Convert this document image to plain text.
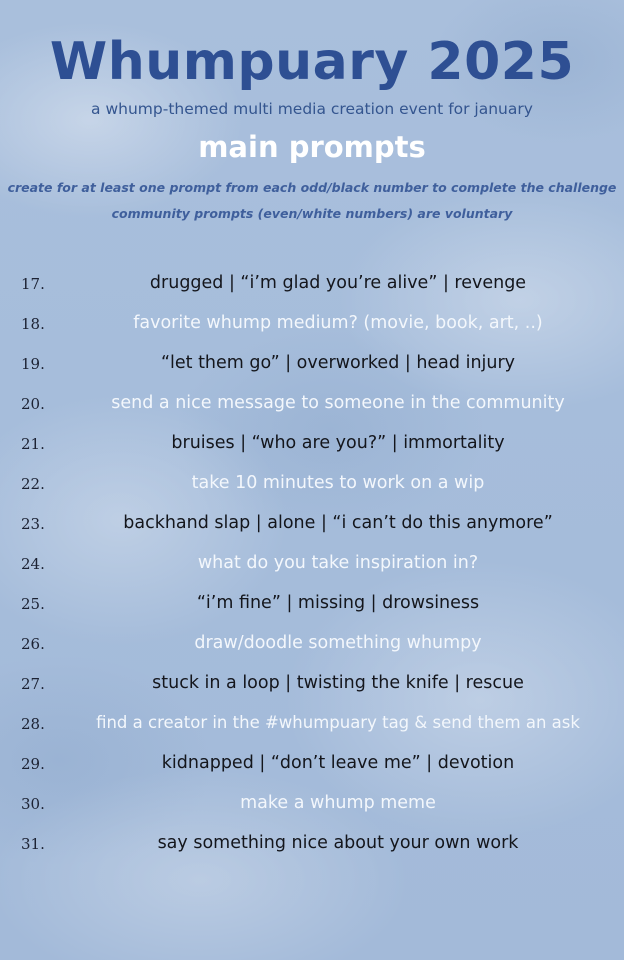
Whumpuary 2025
a whump-themed multi media creation event for january
main prompts
create for at least one prompt from each odd/black number to complete the challenge
community prompts (even/white numbers) are voluntary
17.	drugged | “i’m glad you’re alive” | revenge
18.	favorite whump medium? (movie, book, art, ..)
19.	“let them go” | overworked | head injury
20.	send a nice message to someone in the community
21.	bruises | “who are you?” | immortality
22.	take 10 minutes to work on a wip
23.	backhand slap | alone | “i can’t do this anymore”
24.	what do you take inspiration in?
25.	“i’m fine” | missing | drowsiness
26.	draw/doodle something whumpy
27.	stuck in a loop | twisting the knife | rescue
28.	find a creator in the #whumpuary tag & send them an ask
29.	kidnapped | “don’t leave me” | devotion
30.	make a whump meme
31.	say something nice about your own work
